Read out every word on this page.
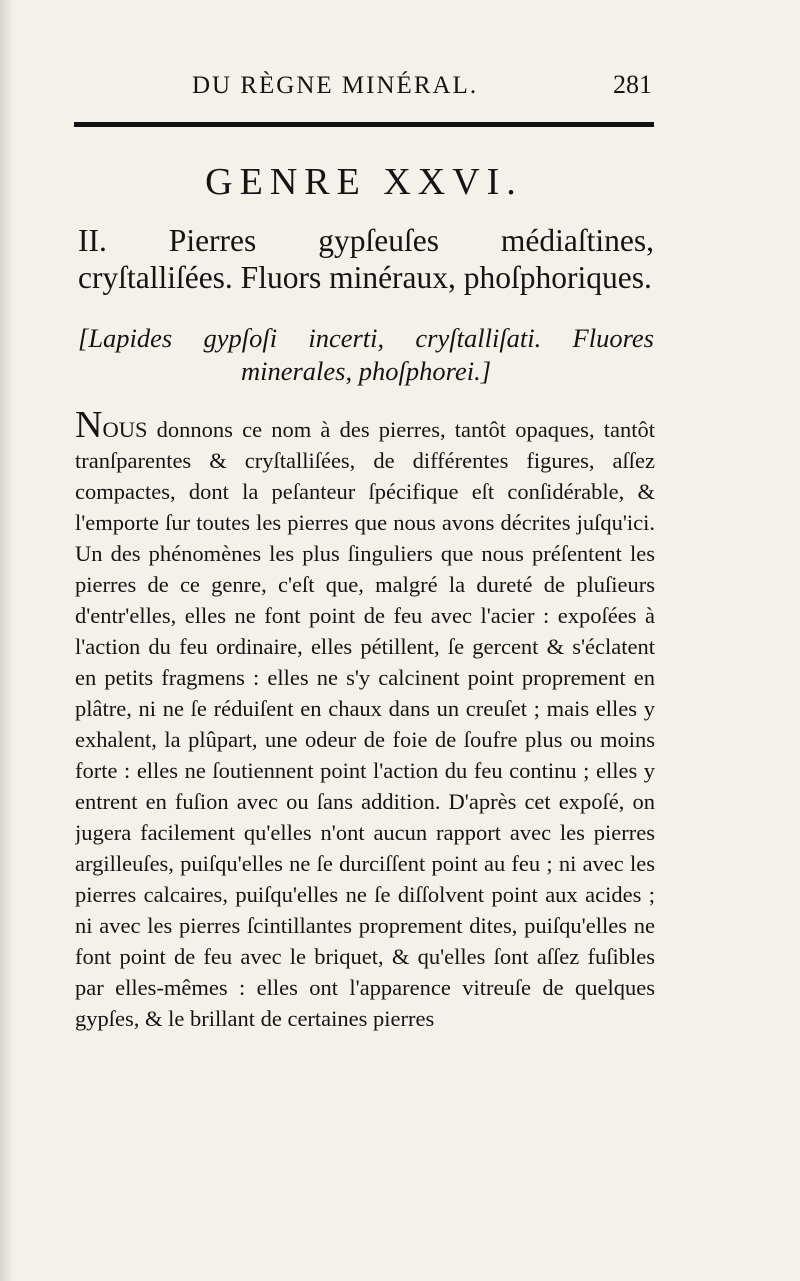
DU RÈGNE MINÉRAL.	281
GENRE XXVI.
II. Pierres gypſeuſes médiaſtines, cryſtalliſées. Fluors minéraux, phoſphoriques.
[Lapides gypſoſi incerti, cryſtalliſati. Fluores minerales, phoſphorei.]
NOUS donnons ce nom à des pierres, tantôt opaques, tantôt tranſparentes & cryſtalliſées, de différentes figures, aſſez compactes, dont la peſanteur ſpécifique eſt conſidérable, & l'emporte ſur toutes les pierres que nous avons décrites juſqu'ici. Un des phénomènes les plus ſinguliers que nous préſentent les pierres de ce genre, c'eſt que, malgré la dureté de pluſieurs d'entr'elles, elles ne font point de feu avec l'acier : expoſées à l'action du feu ordinaire, elles pétillent, ſe gercent & s'éclatent en petits fragmens : elles ne s'y calcinent point proprement en plâtre, ni ne ſe réduiſent en chaux dans un creuſet ; mais elles y exhalent, la plûpart, une odeur de foie de ſoufre plus ou moins forte : elles ne ſoutiennent point l'action du feu continu ; elles y entrent en fuſion avec ou ſans addition. D'après cet expoſé, on jugera facilement qu'elles n'ont aucun rapport avec les pierres argilleuſes, puiſqu'elles ne ſe durciſſent point au feu ; ni avec les pierres calcaires, puiſqu'elles ne ſe diſſolvent point aux acides ; ni avec les pierres ſcintillantes proprement dites, puiſqu'elles ne font point de feu avec le briquet, & qu'elles ſont aſſez fuſibles par elles-mêmes : elles ont l'apparence vitreuſe de quelques gypſes, & le brillant de certaines pierres
